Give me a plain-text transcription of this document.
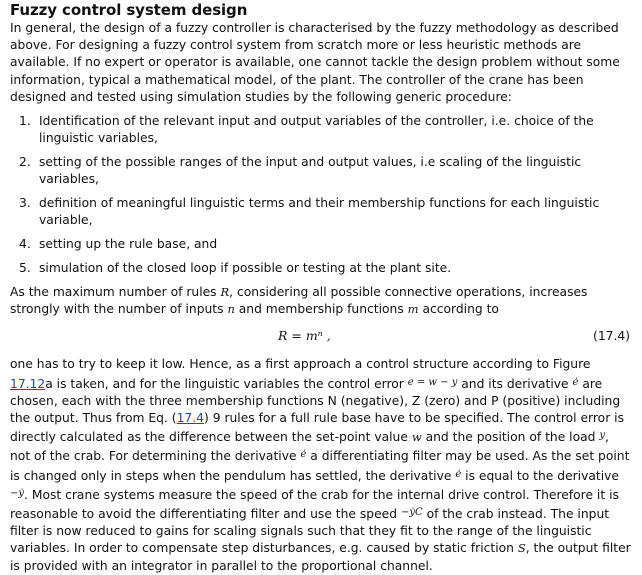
Fuzzy control system design

In general, the design of a fuzzy controller is characterised by the fuzzy methodology as described above. For designing a fuzzy control system from scratch more or less heuristic methods are available. If no expert or operator is available, one cannot tackle the design problem without some information, typical a mathematical model, of the plant. The controller of the crane has been designed and tested using simulation studies by the following generic procedure:

1. Identification of the relevant input and output variables of the controller, i.e. choice of the linguistic variables,
2. setting of the possible ranges of the input and output values, i.e scaling of the linguistic variables,
3. definition of meaningful linguistic terms and their membership functions for each linguistic variable,
4. setting up the rule base, and
5. simulation of the closed loop if possible or testing at the plant site.

As the maximum number of rules R, considering all possible connective operations, increases strongly with the number of inputs n and membership functions m according to

R = mⁿ ,	(17.4)

one has to try to keep it low. Hence, as a first approach a control structure according to Figure 17.12a is taken, and for the linguistic variables the control error $^{e = w - y}$ and its derivative $^ė$ are chosen, each with the three membership functions N (negative), Z (zero) and P (positive) including the output. Thus from Eq. (17.4) 9 rules for a full rule base have to be specified. The control error is directly calculated as the difference between the set-point value w and the position of the load $^y$, not of the crab. For determining the derivative $^ė$ a differentiating filter may be used. As the set point is changed only in steps when the pendulum has settled, the derivative $^ė$ is equal to the derivative $^{-ẏ}$. Most crane systems measure the speed of the crab for the internal drive control. Therefore it is reasonable to avoid the differentiating filter and use the speed $^{-ẏC}$ of the crab instead. The input filter is now reduced to gains for scaling signals such that they fit to the range of the linguistic variables. In order to compensate step disturbances, e.g. caused by static friction S, the output filter is provided with an integrator in parallel to the proportional channel.
